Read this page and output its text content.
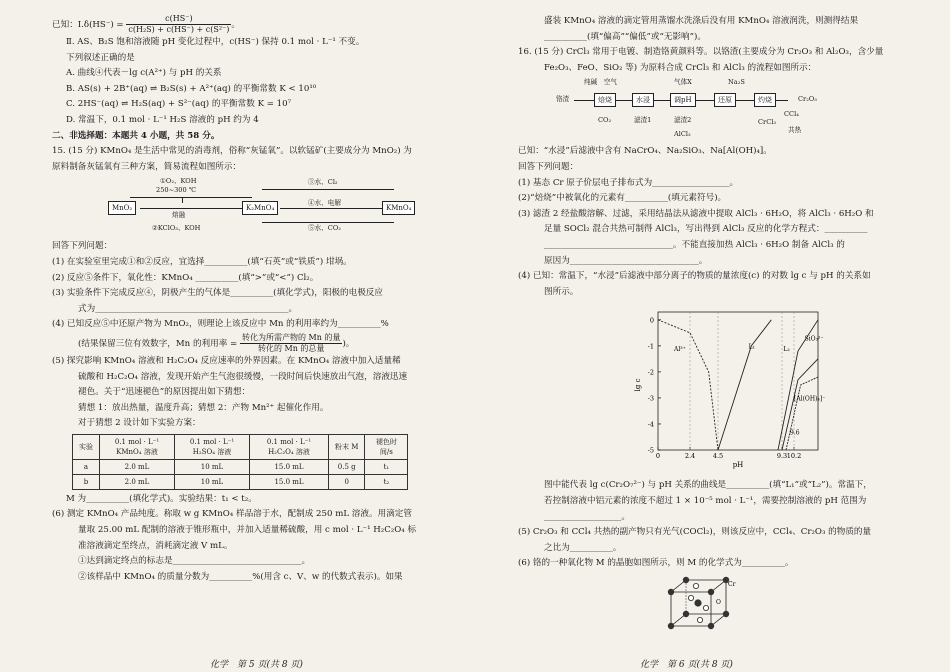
已知：Ⅰ.δ(HS⁻) = $\frac{c(HS^-)}{\text{c(H₂S) + c(HS⁻) + c(S²⁻)}}$ 。

Ⅱ. AS、B₂S 饱和溶液随 pH 变化过程中，c(HS⁻) 保持 0.1 mol · L⁻¹ 不变。

下列叙述正确的是

A. 曲线④代表－lg c(A²⁺) 与 pH 的关系

B. AS(s) + 2B⁺(aq) ⇌ B₂S(s) + A²⁺(aq) 的平衡常数 K < 10¹⁰

C. 2HS⁻(aq) ⇌ H₂S(aq) + S²⁻(aq) 的平衡常数 K = 10⁷

D. 常温下，0.1 mol · L⁻¹ H₂S 溶液的 pH 约为 4

二、非选择题：本题共 4 小题，共 58 分。

15. (15 分) KMnO₄ 是生活中常见的消毒剂，俗称“灰锰氧”。以软锰矿(主要成分为 MnO₂) 为

原料制备灰锰氧有三种方案，简易流程如图所示：

①O₂、KOH
250~300 ℃
MnO₂	K₂MnO₄	KMnO₄
熔融
②KClO₃、KOH
③水、Cl₂
④水、电解
⑤水、CO₂

回答下列问题：

(1) 在实验室里完成①和②反应，宜选择__________(填“石英”或“铁质”) 坩埚。

(2) 反应⑤条件下，氧化性：KMnO₄ __________(填“>”或“<”) Cl₂。

(3) 实验条件下完成反应④，阴极产生的气体是__________(填化学式)，阳极的电极反应

式为_____________________________________________。

(4) 已知反应⑤中还原产物为 MnO₂，则理论上该反应中 Mn 的利用率约为__________%

(结果保留三位有效数字，Mn 的利用率 = $\frac{\text{转化为所需产物的 Mn 的量}}{\text{转化的 Mn 的总量}}$ )。

(5) 探究影响 KMnO₄ 溶液和 H₂C₂O₄ 反应速率的外界因素。在 KMnO₄ 溶液中加入适量稀

硫酸和 H₂C₂O₄ 溶液，发现开始产生气泡很缓慢，一段时间后快速放出气泡，溶液迅速

褪色。关于“迅速褪色”的原因提出如下猜想：

猜想 1：放出热量，温度升高；猜想 2：产物 Mn²⁺ 起催化作用。

对于猜想 2 设计如下实验方案：

实验	0.1 mol · L⁻¹ KMnO₄ 溶液	0.1 mol · L⁻¹ H₂SO₄ 溶液	0.1 mol · L⁻¹ H₂C₂O₄ 溶液	粉末 M	褪色时间/s
a	2.0 mL	10 mL	15.0 mL	0.5 g	t₁
b	2.0 mL	10 mL	15.0 mL	0	t₂

M 为__________(填化学式)。实验结果：t₁ < t₂。

(6) 测定 KMnO₄ 产品纯度。称取 w g KMnO₄ 样品溶于水，配制成 250 mL 溶液。用滴定管

量取 25.00 mL 配制的溶液于锥形瓶中，并加入适量稀硫酸，用 c mol · L⁻¹ H₂C₂O₄ 标

准溶液滴定至终点，消耗滴定液 V mL。

①达到滴定终点的标志是______________________________。

②该样品中 KMnO₄ 的质量分数为__________%(用含 c、V、w 的代数式表示)。如果

化学　第 5 页(共 8 页)

盛装 KMnO₄ 溶液的滴定管用蒸馏水洗涤后没有用 KMnO₄ 溶液润洗，则测得结果

__________(填“偏高”“偏低”或“无影响”)。

16. (15 分) CrCl₃ 常用于电镀、制造铬黄颜料等。以铬渣(主要成分为 Cr₂O₃ 和 Al₂O₃，含少量

Fe₂O₃、FeO、SiO₂ 等) 为原料合成 CrCl₃ 和 AlCl₃ 的流程如图所示：

纯碱　空气	气体X	Na₂S
铬渣	焙烧	水浸	调pH	还原	灼烧	Cr₂O₃
CO₂	滤渣1	滤渣2
AlCl₃
CCl₄
CrCl₃
共热

已知：“水浸”后滤液中含有 NaCrO₄、Na₂SiO₃、Na[Al(OH)₄]。

回答下列问题：

(1) 基态 Cr 原子价层电子排布式为__________________。

(2)“焙烧”中被氧化的元素有__________(填元素符号)。

(3) 滤渣 2 经盐酸溶解、过滤，采用结晶法从滤液中提取 AlCl₃ · 6H₂O，将 AlCl₃ · 6H₂O 和

足量 SOCl₂ 混合共热可制得 AlCl₃，写出得到 AlCl₃ 反应的化学方程式：__________

______________________________。不能直接加热 AlCl₃ · 6H₂O 制备 AlCl₃ 的

原因为______________________________。

(4) 已知：常温下，“水浸”后滤液中部分离子的物质的量浓度(c) 的对数 lg c 与 pH 的关系如

图所示。

0
-1
-2
-3
-4
-5
0	2.4	4.5	9.3 10.2
9.6
pH
lg c
Al³⁺	L₁	L₂
SiO₃²⁻
[Al(OH)₄]⁻

图中能代表 lg c(Cr₂O₇²⁻) 与 pH 关系的曲线是__________(填“L₁”或“L₂”)。常温下，

若控制溶液中铝元素的浓度不超过 1 × 10⁻⁵ mol · L⁻¹，需要控制溶液的 pH 范围为

__________________。

(5) Cr₂O₃ 和 CCl₄ 共热的副产物只有光气(COCl₂)，则该反应中，CCl₄、Cr₂O₃ 的物质的量

之比为__________。

(6) 铬的一种氧化物 M 的晶胞如图所示，则 M 的化学式为__________。

Cr
O
化学　第 6 页(共 8 页)
